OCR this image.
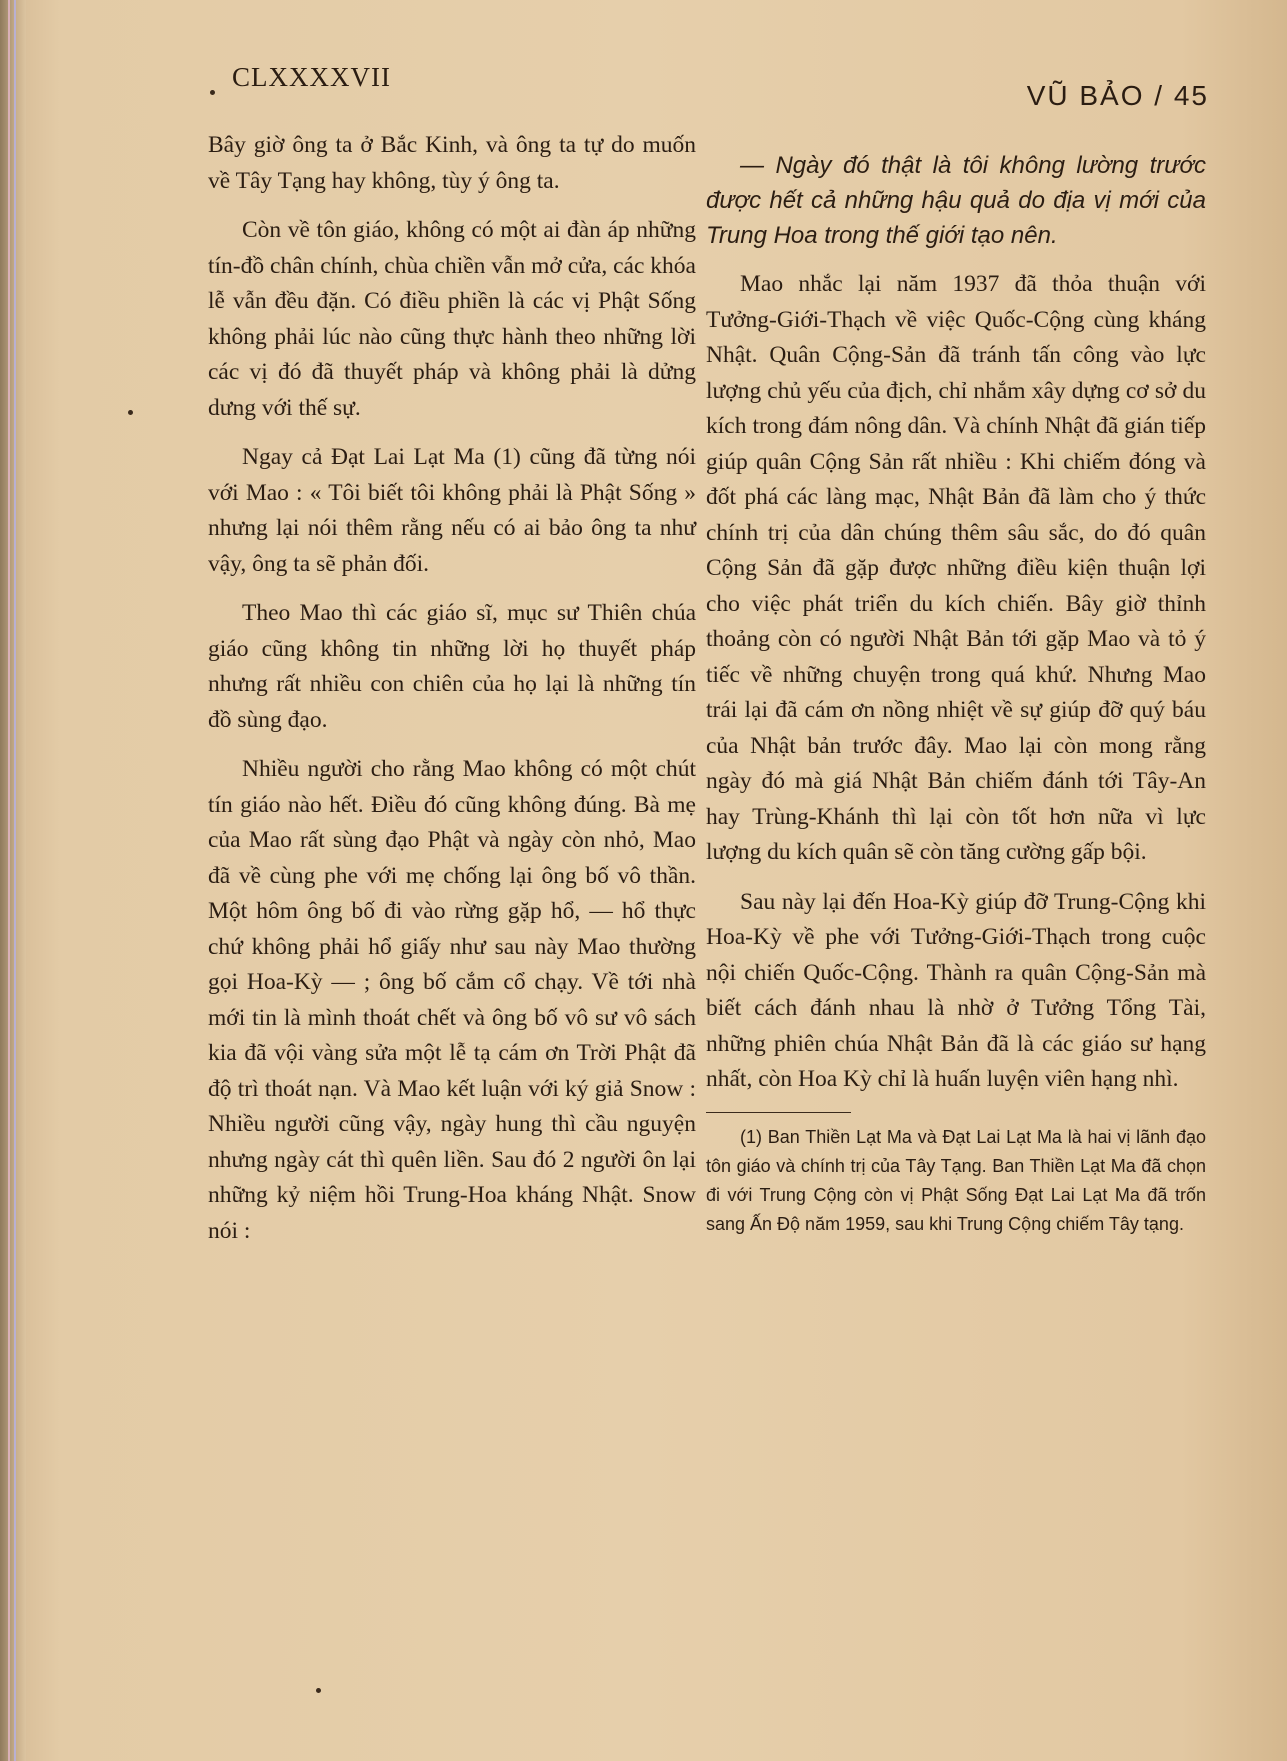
CLXXXXVII
VŨ BẢO / 45

Bây giờ ông ta ở Bắc Kinh, và ông ta tự do muốn về Tây Tạng hay không, tùy ý ông ta.

Còn về tôn giáo, không có một ai đàn áp những tín-đồ chân chính, chùa chiền vẫn mở cửa, các khóa lễ vẫn đều đặn. Có điều phiền là các vị Phật Sống không phải lúc nào cũng thực hành theo những lời các vị đó đã thuyết pháp và không phải là dửng dưng với thế sự.

Ngay cả Đạt Lai Lạt Ma (1) cũng đã từng nói với Mao : « Tôi biết tôi không phải là Phật Sống » nhưng lại nói thêm rằng nếu có ai bảo ông ta như vậy, ông ta sẽ phản đối.

Theo Mao thì các giáo sĩ, mục sư Thiên chúa giáo cũng không tin những lời họ thuyết pháp nhưng rất nhiều con chiên của họ lại là những tín đồ sùng đạo.

Nhiều người cho rằng Mao không có một chút tín giáo nào hết. Điều đó cũng không đúng. Bà mẹ của Mao rất sùng đạo Phật và ngày còn nhỏ, Mao đã về cùng phe với mẹ chống lại ông bố vô thần. Một hôm ông bố đi vào rừng gặp hổ, — hổ thực chứ không phải hổ giấy như sau này Mao thường gọi Hoa-Kỳ — ; ông bố cắm cổ chạy. Về tới nhà mới tin là mình thoát chết và ông bố vô sư vô sách kia đã vội vàng sửa một lễ tạ cám ơn Trời Phật đã độ trì thoát nạn. Và Mao kết luận với ký giả Snow : Nhiều người cũng vậy, ngày hung thì cầu nguyện nhưng ngày cát thì quên liền. Sau đó 2 người ôn lại những kỷ niệm hồi Trung-Hoa kháng Nhật. Snow nói :

— Ngày đó thật là tôi không lường trước được hết cả những hậu quả do địa vị mới của Trung Hoa trong thế giới tạo nên.

Mao nhắc lại năm 1937 đã thỏa thuận với Tưởng-Giới-Thạch về việc Quốc-Cộng cùng kháng Nhật. Quân Cộng-Sản đã tránh tấn công vào lực lượng chủ yếu của địch, chỉ nhắm xây dựng cơ sở du kích trong đám nông dân. Và chính Nhật đã gián tiếp giúp quân Cộng Sản rất nhiều : Khi chiếm đóng và đốt phá các làng mạc, Nhật Bản đã làm cho ý thức chính trị của dân chúng thêm sâu sắc, do đó quân Cộng Sản đã gặp được những điều kiện thuận lợi cho việc phát triển du kích chiến. Bây giờ thỉnh thoảng còn có người Nhật Bản tới gặp Mao và tỏ ý tiếc về những chuyện trong quá khứ. Nhưng Mao trái lại đã cám ơn nồng nhiệt về sự giúp đỡ quý báu của Nhật bản trước đây. Mao lại còn mong rằng ngày đó mà giá Nhật Bản chiếm đánh tới Tây-An hay Trùng-Khánh thì lại còn tốt hơn nữa vì lực lượng du kích quân sẽ còn tăng cường gấp bội.

Sau này lại đến Hoa-Kỳ giúp đỡ Trung-Cộng khi Hoa-Kỳ về phe với Tưởng-Giới-Thạch trong cuộc nội chiến Quốc-Cộng. Thành ra quân Cộng-Sản mà biết cách đánh nhau là nhờ ở Tưởng Tổng Tài, những phiên chúa Nhật Bản đã là các giáo sư hạng nhất, còn Hoa Kỳ chỉ là huấn luyện viên hạng nhì.

(1) Ban Thiền Lạt Ma và Đạt Lai Lạt Ma là hai vị lãnh đạo tôn giáo và chính trị của Tây Tạng. Ban Thiền Lạt Ma đã chọn đi với Trung Cộng còn vị Phật Sống Đạt Lai Lạt Ma đã trốn sang Ấn Độ năm 1959, sau khi Trung Cộng chiếm Tây tạng.
